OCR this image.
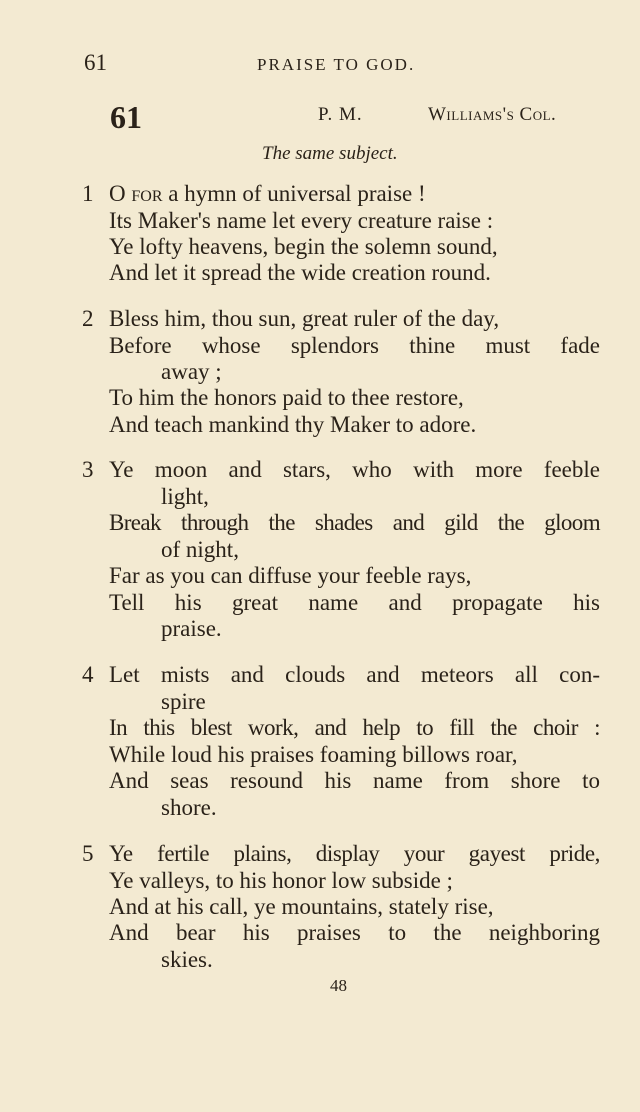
61	PRAISE TO GOD.
61	P. M.	Williams's Col.
The same subject.
1 O for a hymn of universal praise !
Its Maker's name let every creature raise :
Ye lofty heavens, begin the solemn sound,
And let it spread the wide creation round.
2 Bless him, thou sun, great ruler of the day,
Before whose splendors thine must fade
away ;
To him the honors paid to thee restore,
And teach mankind thy Maker to adore.
3 Ye moon and stars, who with more feeble
light,
Break through the shades and gild the gloom
of night,
Far as you can diffuse your feeble rays,
Tell his great name and propagate his
praise.
4 Let mists and clouds and meteors all con-
spire
In this blest work, and help to fill the choir :
While loud his praises foaming billows roar,
And seas resound his name from shore to
shore.
5 Ye fertile plains, display your gayest pride,
Ye valleys, to his honor low subside ;
And at his call, ye mountains, stately rise,
And bear his praises to the neighboring
skies.
48
